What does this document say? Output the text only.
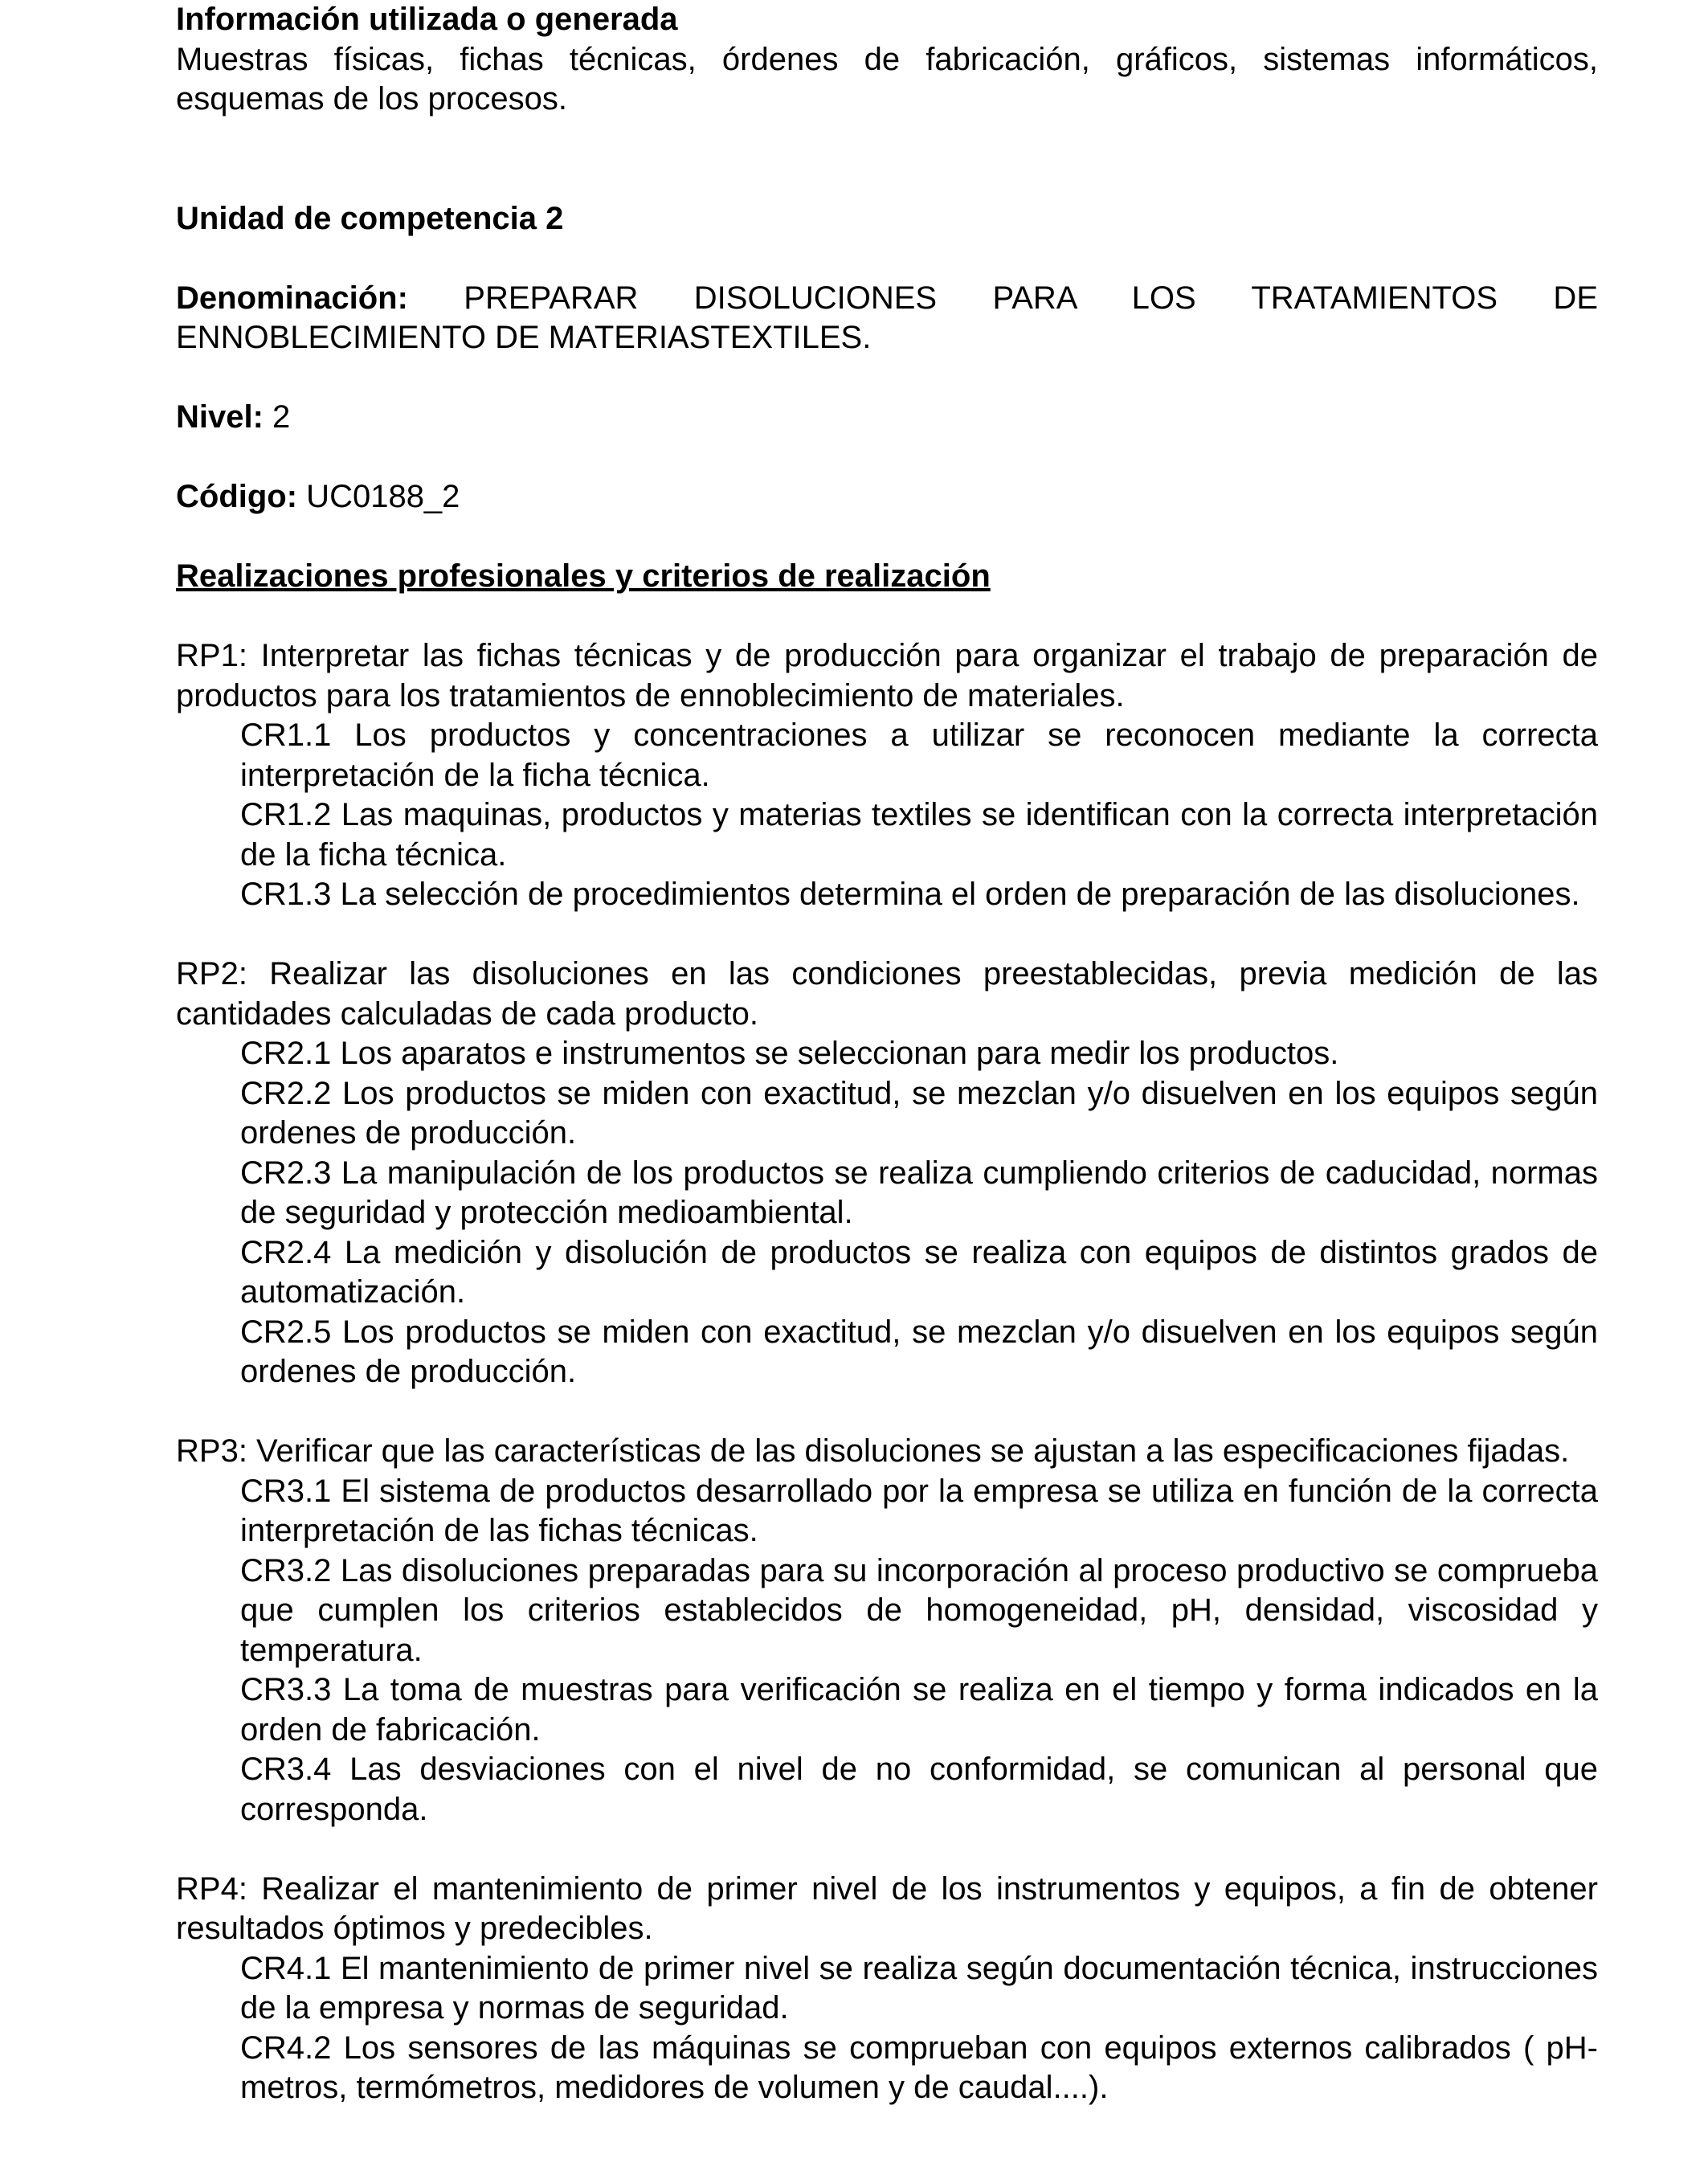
Información utilizada o generada
Muestras físicas, fichas técnicas, órdenes de fabricación, gráficos, sistemas informáticos, esquemas de los procesos.
Unidad de competencia 2
Denominación: PREPARAR DISOLUCIONES PARA LOS TRATAMIENTOS DE ENNOBLECIMIENTO DE MATERIASTEXTILES.
Nivel: 2
Código: UC0188_2
Realizaciones profesionales y criterios de realización
RP1: Interpretar las fichas técnicas y de producción para organizar el trabajo de preparación de productos para los tratamientos de ennoblecimiento de materiales.
CR1.1 Los productos y concentraciones a utilizar se reconocen mediante la correcta interpretación de la ficha técnica.
CR1.2 Las maquinas, productos y materias textiles se identifican con la correcta interpretación de la ficha técnica.
CR1.3 La selección de procedimientos determina el orden de preparación de las disoluciones.
RP2: Realizar las disoluciones en las condiciones preestablecidas, previa medición de las cantidades calculadas de cada producto.
CR2.1 Los aparatos e instrumentos se seleccionan para medir los productos.
CR2.2 Los productos se miden con exactitud, se mezclan y/o disuelven en los equipos según ordenes de producción.
CR2.3 La manipulación de los productos se realiza cumpliendo criterios de caducidad, normas de seguridad y protección medioambiental.
CR2.4 La medición y disolución de productos se realiza con equipos de distintos grados de automatización.
CR2.5 Los productos se miden con exactitud, se mezclan y/o disuelven en los equipos según ordenes de producción.
RP3: Verificar que las características de las disoluciones se ajustan a las especificaciones fijadas.
CR3.1 El sistema de productos desarrollado por la empresa se utiliza en función de la correcta interpretación de las fichas técnicas.
CR3.2 Las disoluciones preparadas para su incorporación al proceso productivo se comprueba que cumplen los criterios establecidos de homogeneidad, pH, densidad, viscosidad y temperatura.
CR3.3 La toma de muestras para verificación se realiza en el tiempo y forma indicados en la orden de fabricación.
CR3.4 Las desviaciones con el nivel de no conformidad, se comunican al personal que corresponda.
RP4: Realizar el mantenimiento de primer nivel de los instrumentos y equipos, a fin de obtener resultados óptimos y predecibles.
CR4.1 El mantenimiento de primer nivel se realiza según documentación técnica, instrucciones de la empresa y normas de seguridad.
CR4.2 Los sensores de las máquinas se comprueban con equipos externos calibrados ( pH-metros, termómetros, medidores de volumen y de caudal....).
